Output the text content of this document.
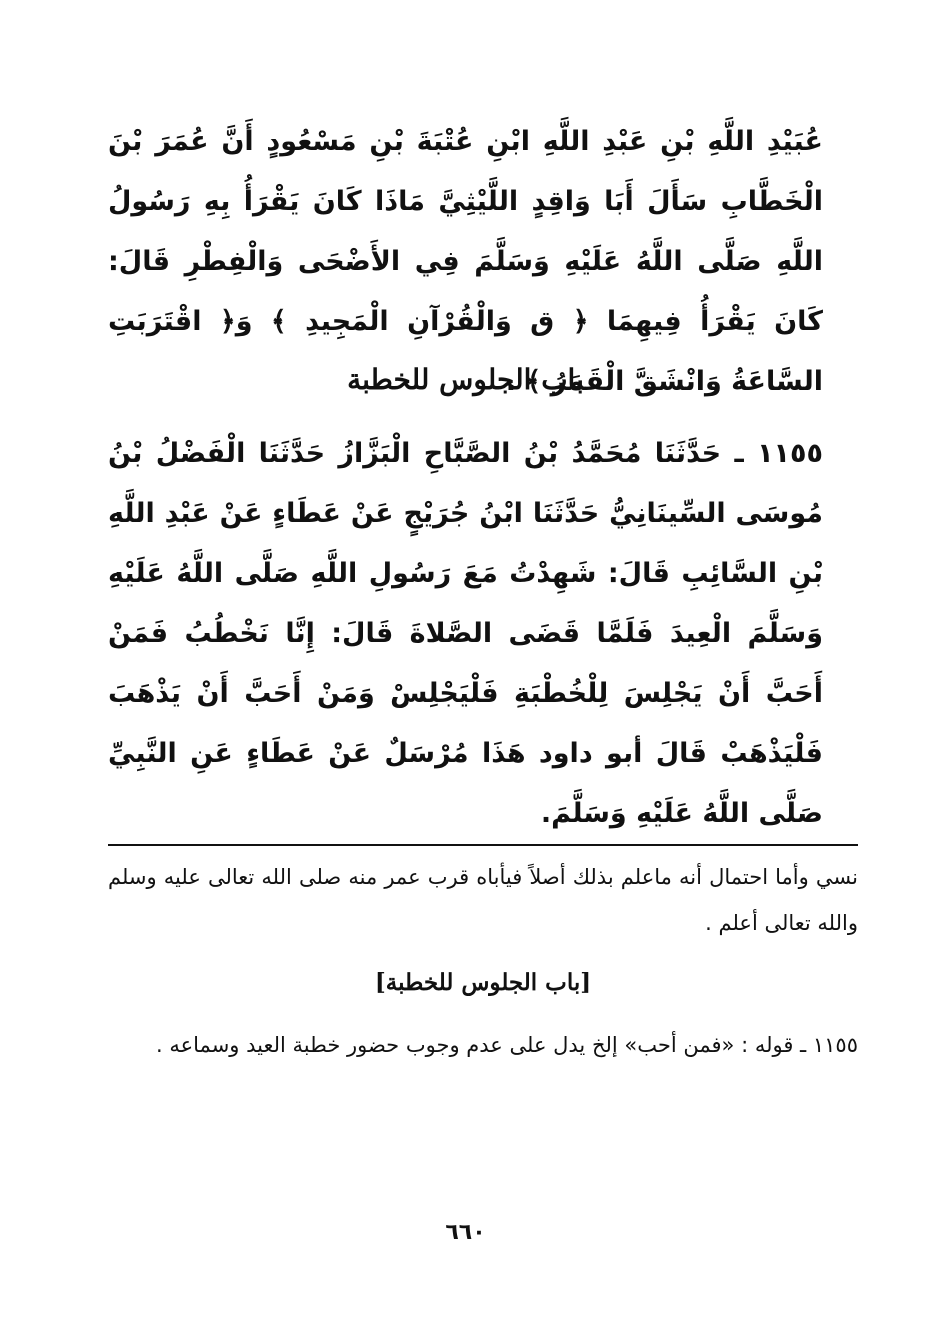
عُبَيْدِ اللَّهِ بْنِ عَبْدِ اللَّهِ ابْنِ عُتْبَةَ بْنِ مَسْعُودٍ أَنَّ عُمَرَ بْنَ الْخَطَّابِ سَأَلَ أَبَا وَاقِدٍ اللَّيْثِيَّ مَاذَا كَانَ يَقْرَأُ بِهِ رَسُولُ اللَّهِ صَلَّى اللَّهُ عَلَيْهِ وَسَلَّمَ فِي الأَضْحَى وَالْفِطْرِ قَالَ: كَانَ يَقْرَأُ فِيهِمَا ﴿ ق وَالْقُرْآنِ الْمَجِيدِ ﴾ وَ﴿ اقْتَرَبَتِ السَّاعَةُ وَانْشَقَّ الْقَمَرُ ﴾ .

باب الجلوس للخطبة

١١٥٥ ـ حَدَّثَنَا مُحَمَّدُ بْنُ الصَّبَّاحِ الْبَزَّازُ حَدَّثَنَا الْفَضْلُ بْنُ مُوسَى السِّينَانِيُّ حَدَّثَنَا ابْنُ جُرَيْجٍ عَنْ عَطَاءٍ عَنْ عَبْدِ اللَّهِ بْنِ السَّائِبِ قَالَ: شَهِدْتُ مَعَ رَسُولِ اللَّهِ صَلَّى اللَّهُ عَلَيْهِ وَسَلَّمَ الْعِيدَ فَلَمَّا قَضَى الصَّلاةَ قَالَ: إِنَّا نَخْطُبُ فَمَنْ أَحَبَّ أَنْ يَجْلِسَ لِلْخُطْبَةِ فَلْيَجْلِسْ وَمَنْ أَحَبَّ أَنْ يَذْهَبَ فَلْيَذْهَبْ قَالَ أبو داود هَذَا مُرْسَلٌ عَنْ عَطَاءٍ عَنِ النَّبِيِّ صَلَّى اللَّهُ عَلَيْهِ وَسَلَّمَ.

نسي وأما احتمال أنه ماعلم بذلك أصلاً فيأباه قرب عمر منه صلى الله تعالى عليه وسلم والله تعالى أعلم .
[باب الجلوس للخطبة]
١١٥٥ ـ قوله : «فمن أحب» إلخ يدل على عدم وجوب حضور خطبة العيد وسماعه .
٦٦٠
